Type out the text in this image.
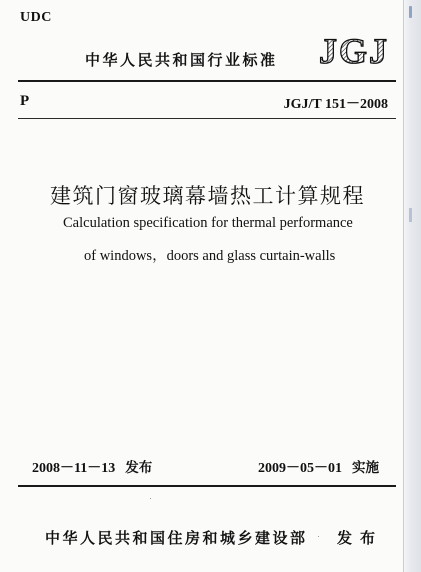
UDC
中华人民共和国行业标准 JGJ
P	JGJ/T 151－2008
建筑门窗玻璃幕墙热工计算规程
Calculation specification for thermal performance
of windows，doors and glass curtain-walls
2008－11－13 发布	2009－05－01 实施
中华人民共和国住房和城乡建设部 发布
